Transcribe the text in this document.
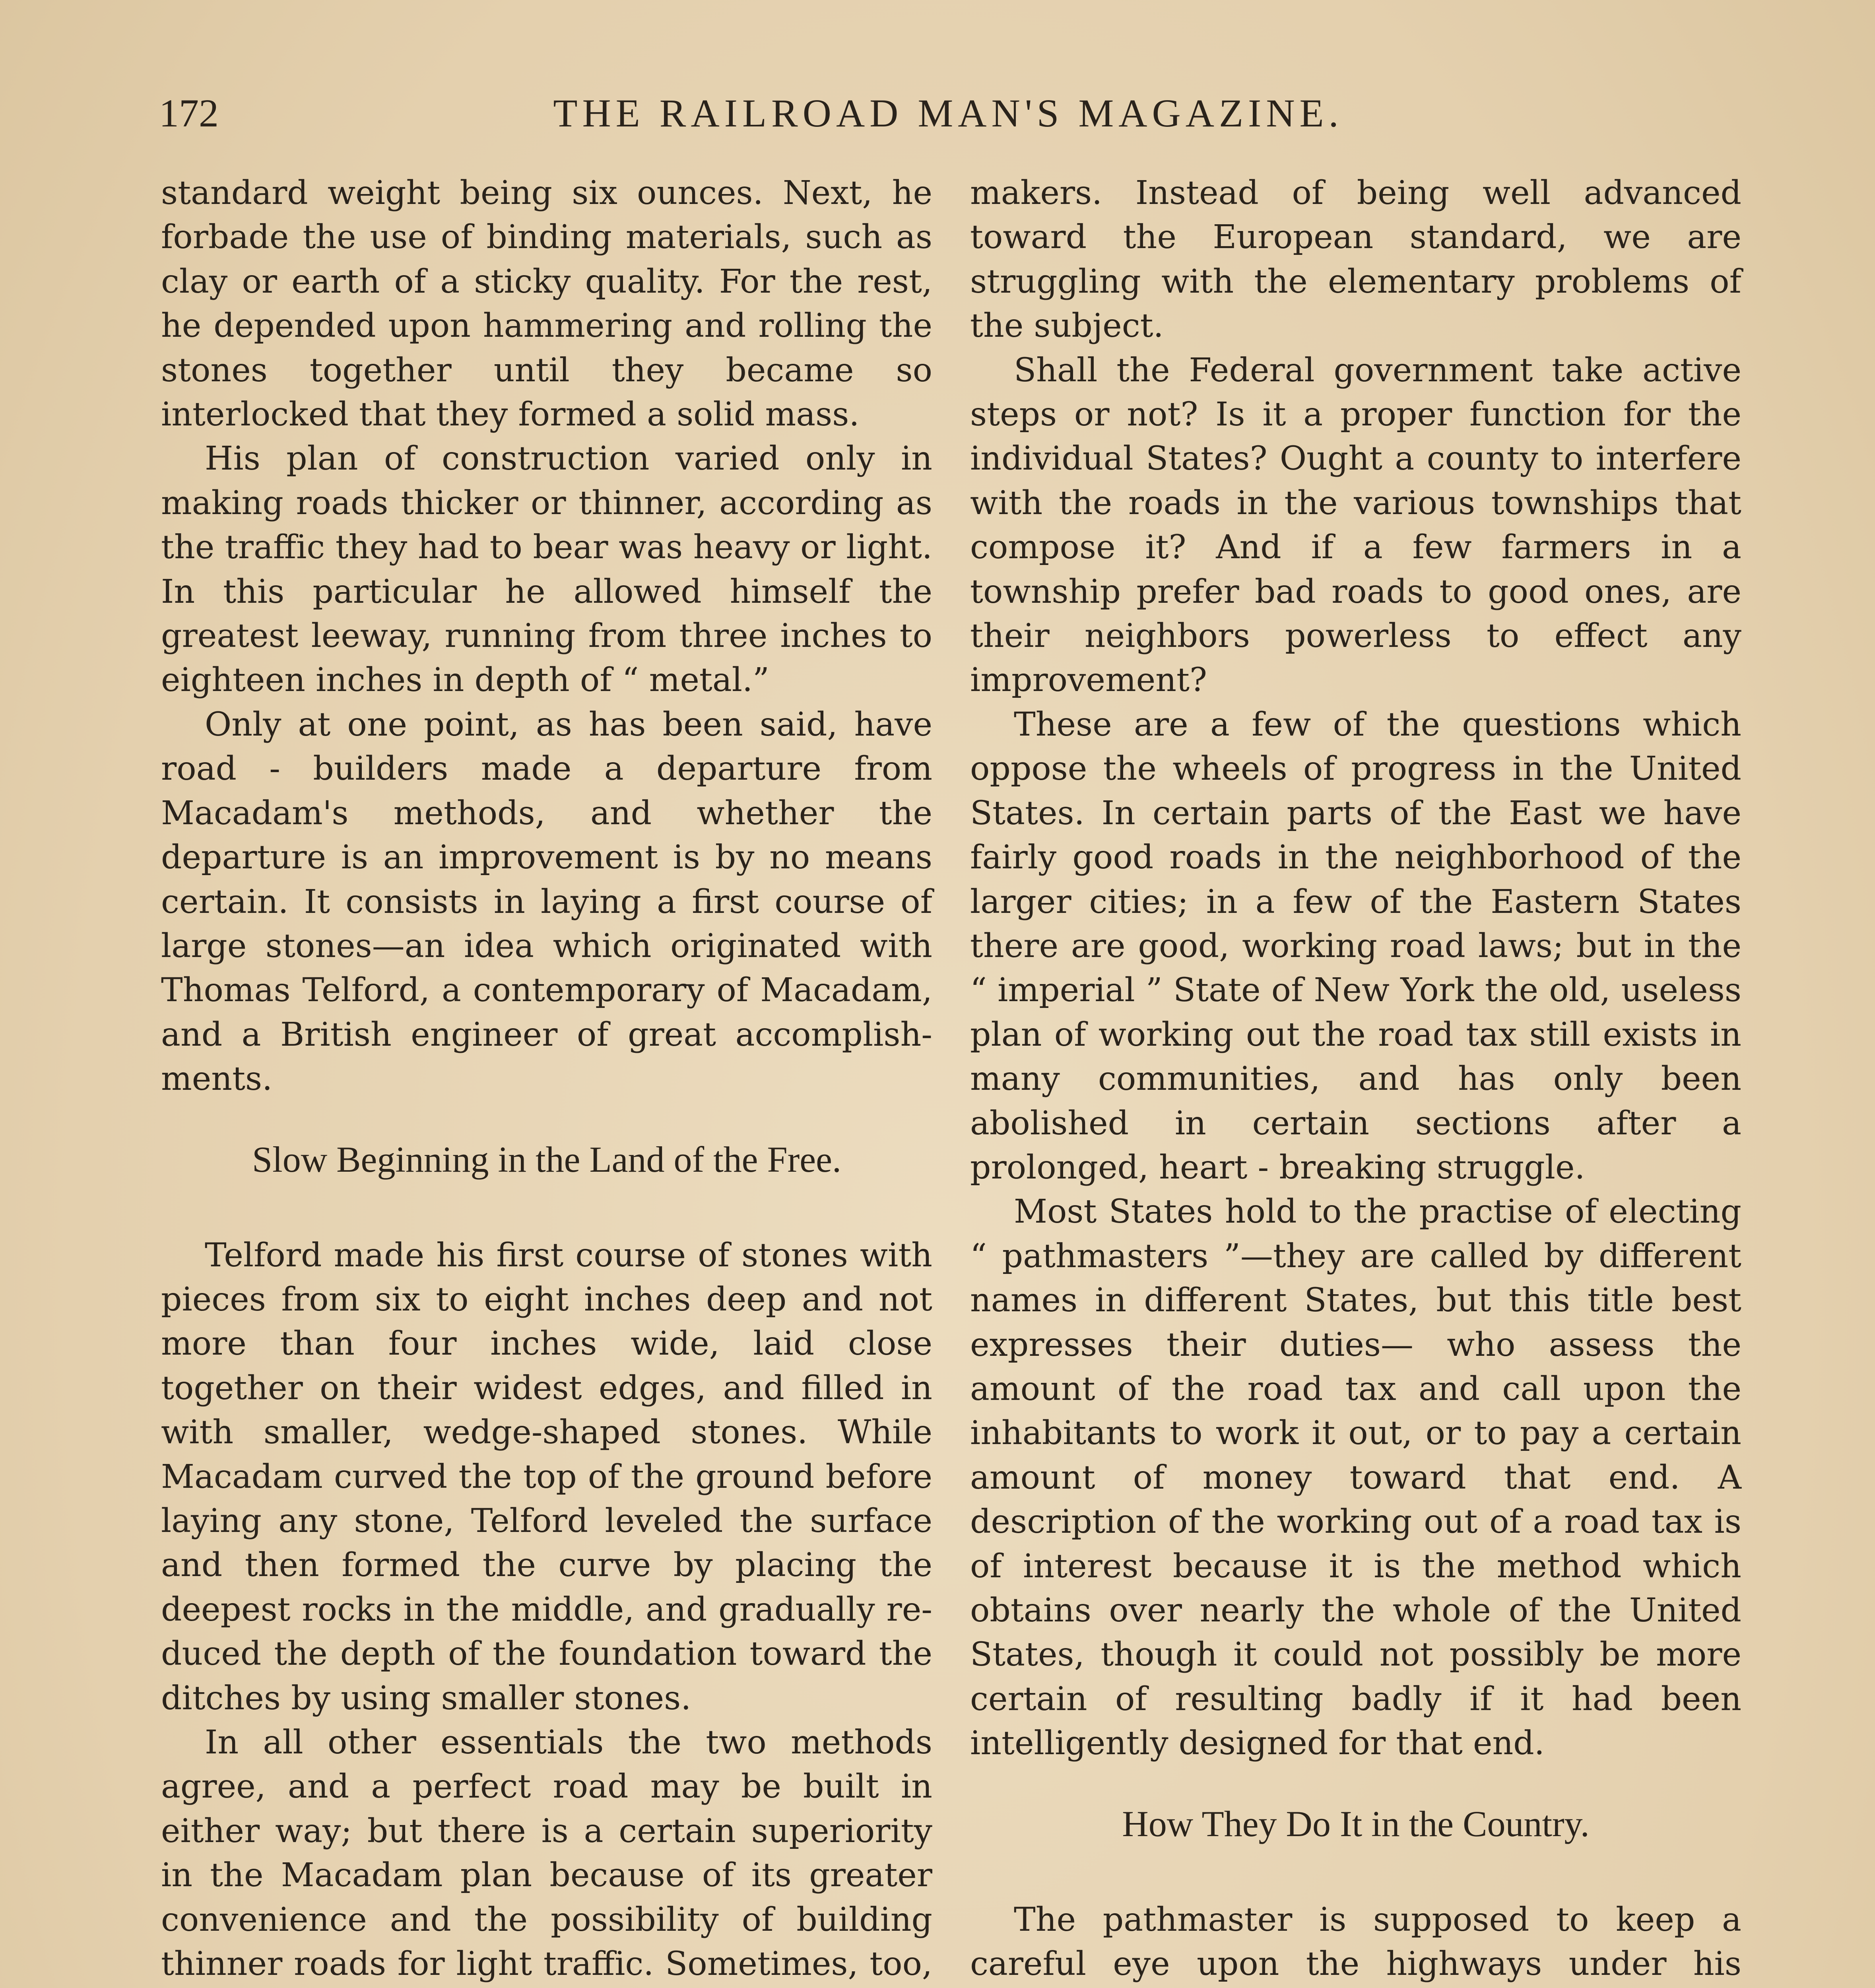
172	THE RAILROAD MAN'S MAGAZINE.

standard weight being six ounces. Next, he forbade the use of binding materials, such as clay or earth of a sticky quality. For the rest, he depended upon hammering and rolling the stones together until they became so interlocked that they formed a solid mass.

His plan of construction varied only in making roads thicker or thinner, according as the traffic they had to bear was heavy or light. In this particular he allowed himself the greatest leeway, running from three inches to eighteen inches in depth of “ metal.”

Only at one point, as has been said, have road - builders made a departure from Macadam's methods, and whether the departure is an improvement is by no means certain. It consists in laying a first course of large stones—an idea which originated with Thomas Telford, a contemporary of Macadam, and a British engineer of great accomplishments.

Slow Beginning in the Land of the Free.

Telford made his first course of stones with pieces from six to eight inches deep and not more than four inches wide, laid close together on their widest edges, and filled in with smaller, wedge-shaped stones. While Macadam curved the top of the ground before laying any stone, Telford leveled the surface and then formed the curve by placing the deepest rocks in the middle, and gradually reduced the depth of the foundation toward the ditches by using smaller stones.

In all other essentials the two methods agree, and a perfect road may be built in either way; but there is a certain superiority in the Macadam plan because of its greater convenience and the possibility of building thinner roads for light traffic. Sometimes, too,

makers. Instead of being well advanced toward the European standard, we are struggling with the elementary problems of the subject.

Shall the Federal government take active steps or not? Is it a proper function for the individual States? Ought a county to interfere with the roads in the various townships that compose it? And if a few farmers in a township prefer bad roads to good ones, are their neighbors powerless to effect any improvement?

These are a few of the questions which oppose the wheels of progress in the United States. In certain parts of the East we have fairly good roads in the neighborhood of the larger cities; in a few of the Eastern States there are good, working road laws; but in the “ imperial ” State of New York the old, useless plan of working out the road tax still exists in many communities, and has only been abolished in certain sections after a prolonged, heart - breaking struggle.

Most States hold to the practise of electing “ pathmasters ”—they are called by different names in different States, but this title best expresses their duties— who assess the amount of the road tax and call upon the inhabitants to work it out, or to pay a certain amount of money toward that end. A description of the working out of a road tax is of interest because it is the method which obtains over nearly the whole of the United States, though it could not possibly be more certain of resulting badly if it had been intelligently designed for that end.

How They Do It in the Country.

The pathmaster is supposed to keep a careful eye upon the highways under his
